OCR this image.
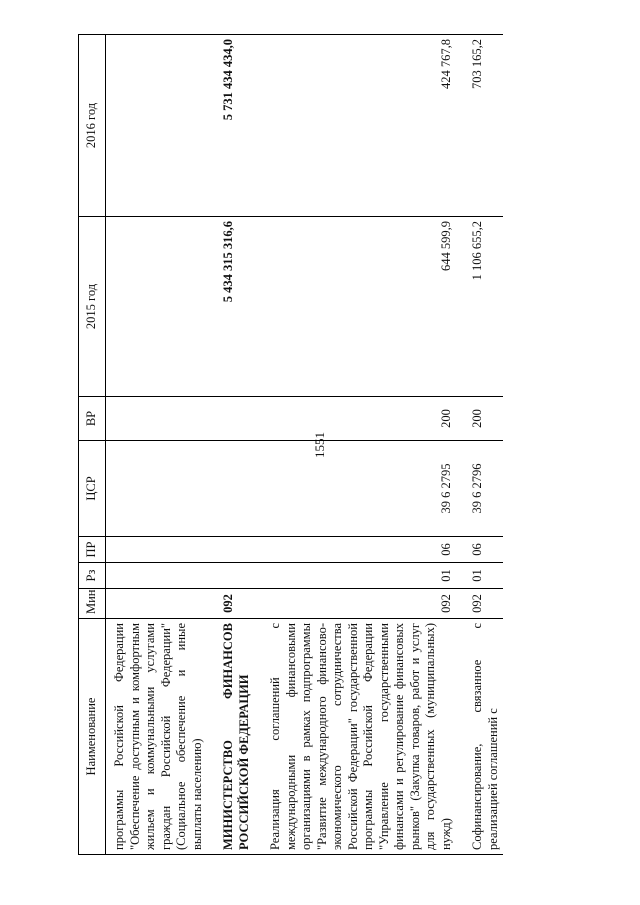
1551
Наименование	Мин	Рз	ПР	ЦСР	ВР	2015 год	2016 год
программы Российской Федерации "Обеспечение доступным и комфортным жильем и коммунальными услугами граждан Российской Федерации" (Социальное обеспечение и иные выплаты населению)							

МИНИСТЕРСТВО ФИНАНСОВ РОССИЙСКОЙ ФЕДЕРАЦИИ	092					5 434 315 316,6	5 731 434 434,0

Реализация соглашений с международными финансовыми организациями в рамках подпрограммы "Развитие международного финансово-экономического сотрудничества Российской Федерации" государственной программы Российской Федерации "Управление государственными финансами и регулирование финансовых рынков" (Закупка товаров, работ и услуг для государственных (муниципальных) нужд)	092	01	06	39 6 2795	200	644 599,9	424 767,8

Софинансирование, связанное с реализацией соглашений с	092	01	06	39 6 2796	200	1 106 655,2	703 165,2
